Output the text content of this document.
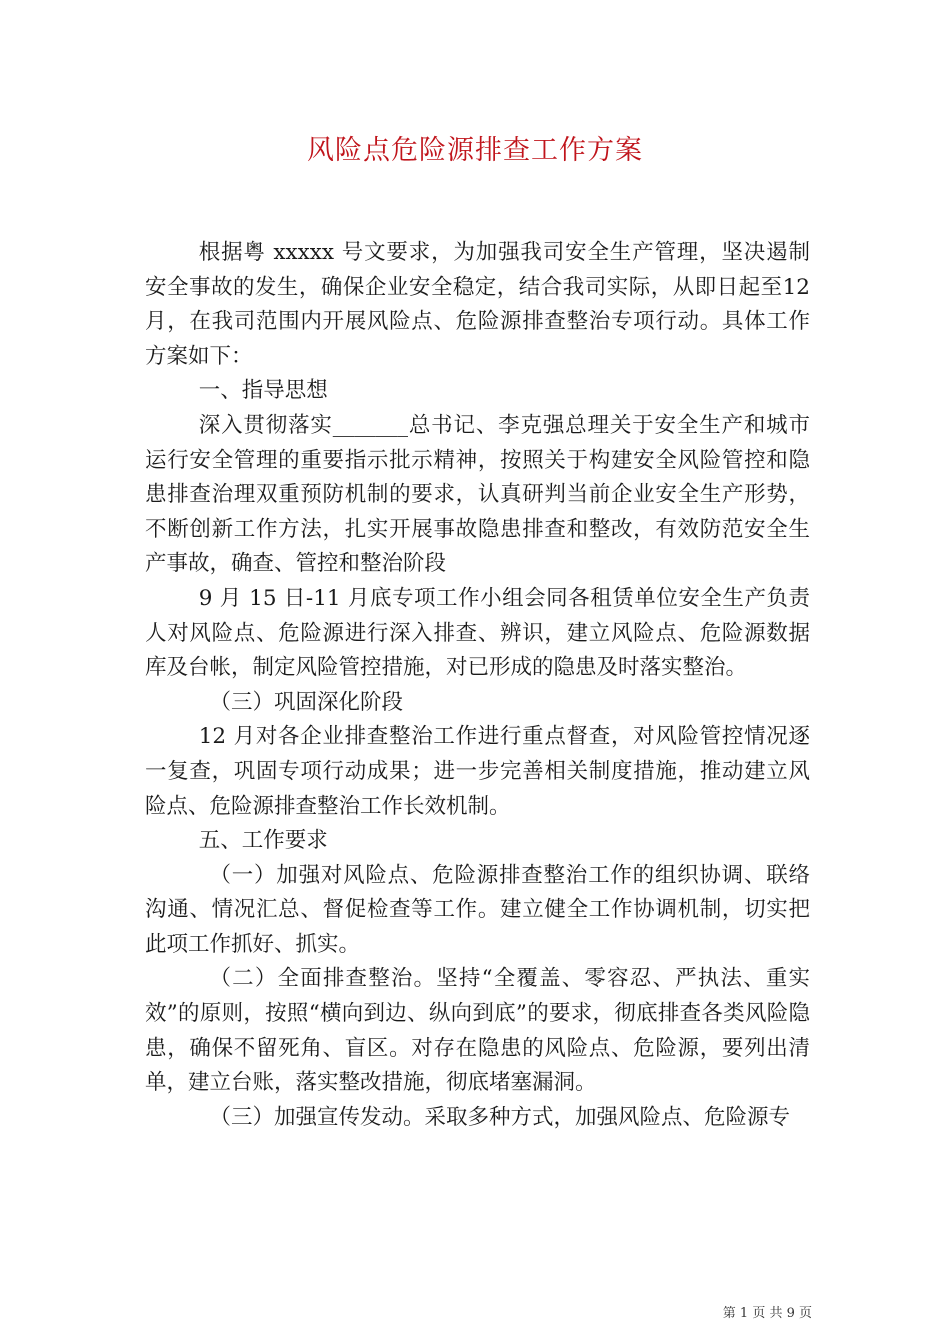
风险点危险源排查工作方案

根据粤 xxxxx 号文要求，为加强我司安全生产管理，坚决遏制安全事故的发生，确保企业安全稳定，结合我司实际，从即日起至12月，在我司范围内开展风险点、危险源排查整治专项行动。具体工作方案如下：

一、指导思想

深入贯彻落实_______总书记、李克强总理关于安全生产和城市运行安全管理的重要指示批示精神，按照关于构建安全风险管控和隐患排查治理双重预防机制的要求，认真研判当前企业安全生产形势，不断创新工作方法，扎实开展事故隐患排查和整改，有效防范安全生产事故，确查、管控和整治阶段

9 月 15 日-11 月底专项工作小组会同各租赁单位安全生产负责人对风险点、危险源进行深入排查、辨识，建立风险点、危险源数据库及台帐，制定风险管控措施，对已形成的隐患及时落实整治。

（三）巩固深化阶段

12 月对各企业排查整治工作进行重点督查，对风险管控情况逐一复查，巩固专项行动成果；进一步完善相关制度措施，推动建立风险点、危险源排查整治工作长效机制。

五、工作要求

（一）加强对风险点、危险源排查整治工作的组织协调、联络沟通、情况汇总、督促检查等工作。建立健全工作协调机制，切实把此项工作抓好、抓实。

（二）全面排查整治。坚持“全覆盖、零容忍、严执法、重实效”的原则，按照“横向到边、纵向到底”的要求，彻底排查各类风险隐患，确保不留死角、盲区。对存在隐患的风险点、危险源，要列出清单，建立台账，落实整改措施，彻底堵塞漏洞。

（三）加强宣传发动。采取多种方式，加强风险点、危险源专

第 1 页 共 9 页
